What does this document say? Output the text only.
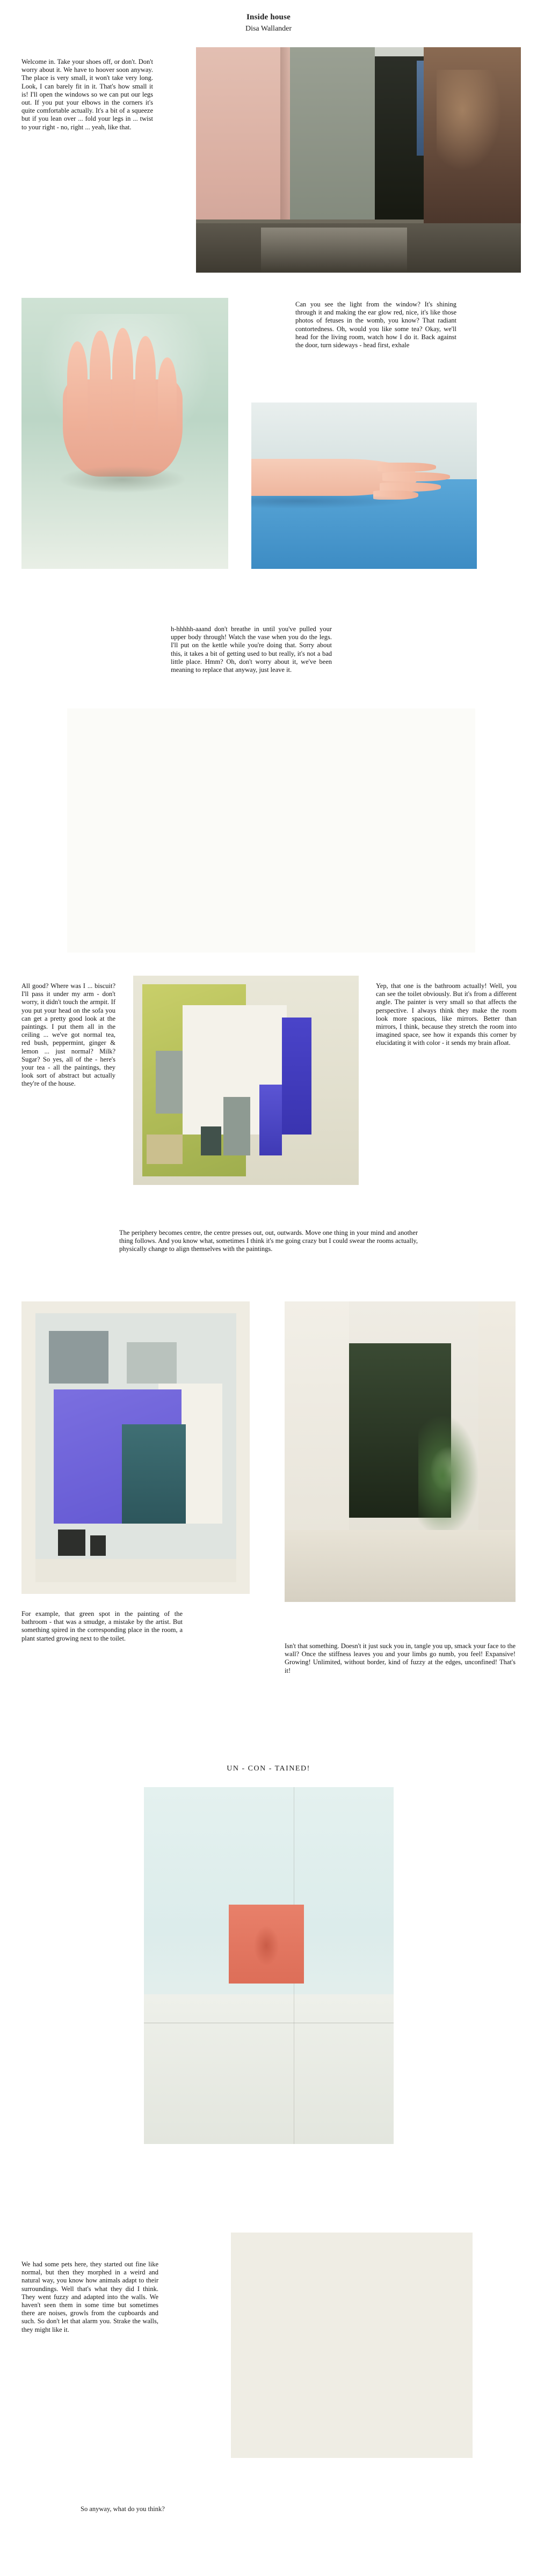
Inside house
Disa Wallander
Welcome in. Take your shoes off, or don't. Don't worry about it. We have to hoover soon anyway. The place is very small, it won't take very long. Look, I can barely fit in it. That's how small it is! I'll open the windows so we can put our legs out. If you put your elbows in the corners it's quite comfortable actually. It's a bit of a squeeze but if you lean over ... fold your legs in ... twist to your right - no, right ... yeah, like that.
Can you see the light from the window? It's shining through it and making the ear glow red, nice, it's like those photos of fetuses in the womb, you know? That radiant contortedness. Oh, would you like some tea? Okay, we'll head for the living room, watch how I do it. Back against the door, turn sideways - head first, exhale
h-hhhhh-aaand don't breathe in until you've pulled your upper body through! Watch the vase when you do the legs. I'll put on the kettle while you're doing that. Sorry about this, it takes a bit of getting used to but really, it's not a bad little place. Hmm? Oh, don't worry about it, we've been meaning to replace that anyway, just leave it.
All good? Where was I ... biscuit? I'll pass it under my arm - don't worry, it didn't touch the armpit. If you put your head on the sofa you can get a pretty good look at the paintings. I put them all in the ceiling ... we've got normal tea, red bush, peppermint, ginger & lemon ... just normal? Milk? Sugar? So yes, all of the - here's your tea - all the paintings, they look sort of abstract but actually they're of the house.
Yep, that one is the bathroom actually! Well, you can see the toilet obviously. But it's from a different angle. The painter is very small so that affects the perspective. I always think they make the room look more spacious, like mirrors. Better than mirrors, I think, because they stretch the room into imagined space, see how it expands this corner by elucidating it with color - it sends my brain afloat.
The periphery becomes centre, the centre presses out, out, outwards. Move one thing in your mind and another thing follows. And you know what, sometimes I think it's me going crazy but I could swear the rooms actually, physically change to align themselves with the paintings.
For example, that green spot in the painting of the bathroom - that was a smudge, a mistake by the artist. But something spired in the corresponding place in the room, a plant started growing next to the toilet.
Isn't that something. Doesn't it just suck you in, tangle you up, smack your face to the wall? Once the stiffness leaves you and your limbs go numb, you feel! Expansive! Growing! Unlimited, without border, kind of fuzzy at the edges, unconfined! That's it!
UN - CON - TAINED!
We had some pets here, they started out fine like normal, but then they morphed in a weird and natural way, you know how animals adapt to their surroundings. Well that's what they did I think. They went fuzzy and adapted into the walls. We haven't seen them in some time but sometimes there are noises, growls from the cupboards and such. So don't let that alarm you. Strake the walls, they might like it.
So anyway, what do you think?
